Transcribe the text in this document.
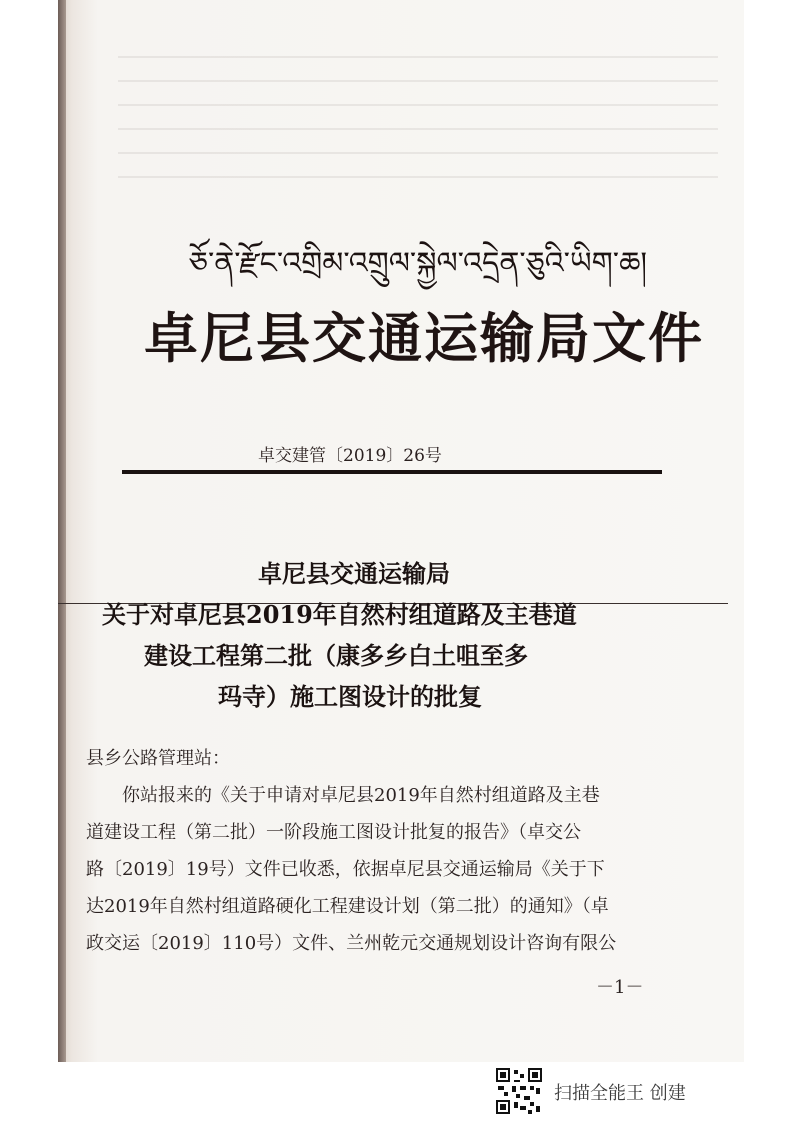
ཅོ་ནེ་རྫོང་འགྲིམ་འགྲུལ་སྐྱེལ་འདྲེན་ཅུའི་ཡིག་ཆ།
卓尼县交通运输局文件
卓交建管〔2019〕26号
卓尼县交通运输局
关于对卓尼县2019年自然村组道路及主巷道
建设工程第二批（康多乡白土咀至多
玛寺）施工图设计的批复

县乡公路管理站：

你站报来的《关于申请对卓尼县2019年自然村组道路及主巷

道建设工程（第二批）一阶段施工图设计批复的报告》（卓交公

路〔2019〕19号）文件已收悉，依据卓尼县交通运输局《关于下

达2019年自然村组道路硬化工程建设计划（第二批）的通知》（卓

政交运〔2019〕110号）文件、兰州乾元交通规划设计咨询有限公

－1－
扫描全能王 创建
